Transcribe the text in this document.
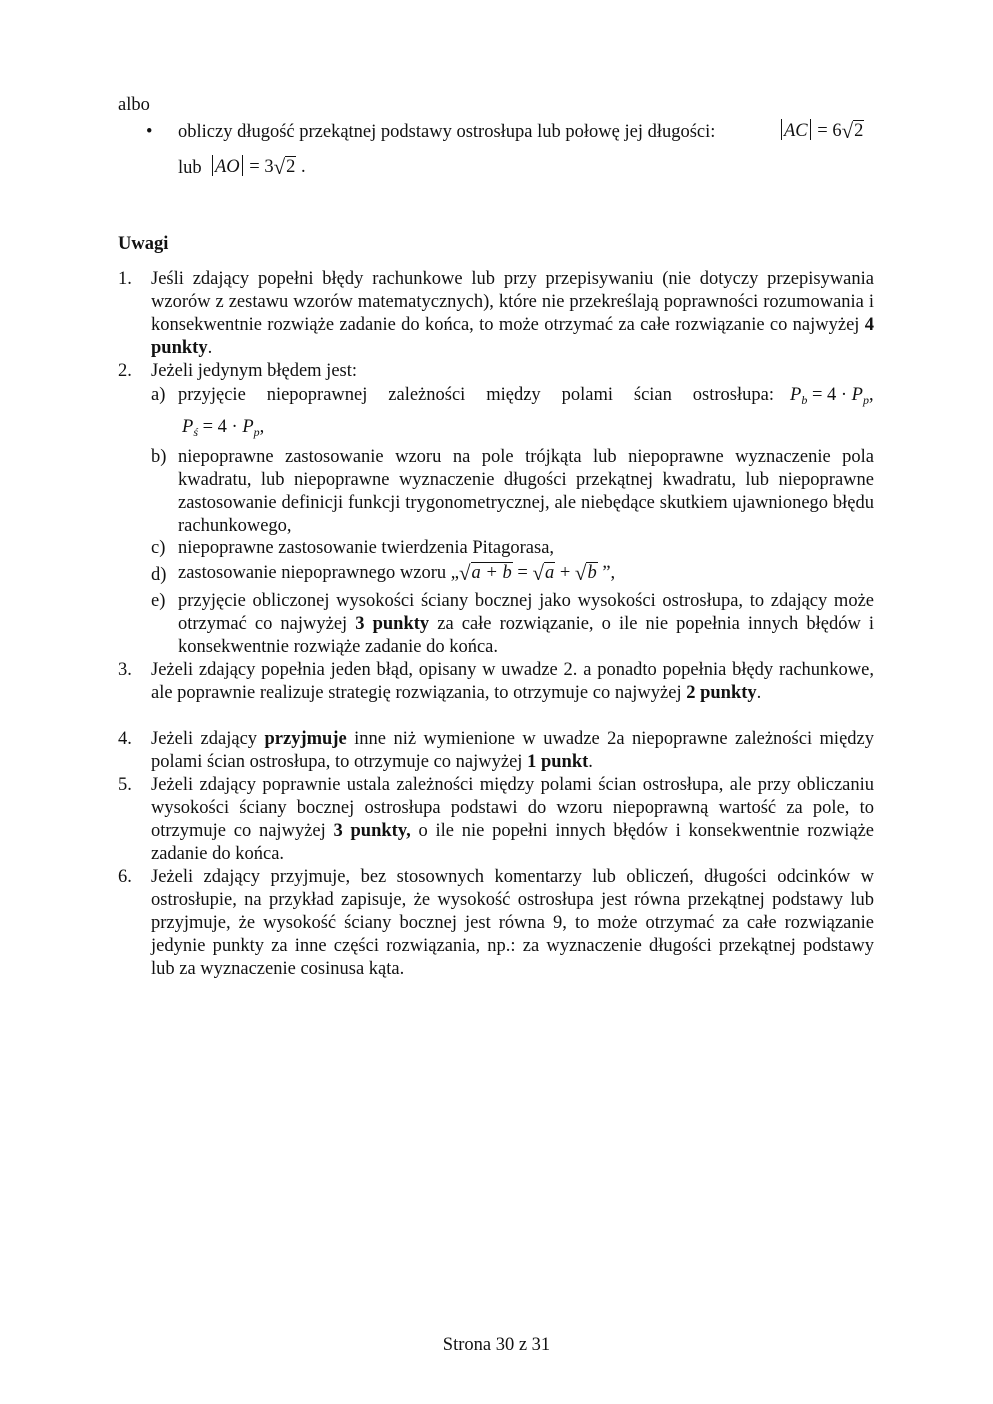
albo
• obliczy długość przekątnej podstawy ostrosłupa lub połowę jej długości:	AC = 6√2
lub AO = 3√2 .
Uwagi
1.	Jeśli zdający popełni błędy rachunkowe lub przy przepisywaniu (nie dotyczy przepisywania wzorów z zestawu wzorów matematycznych), które nie przekreślają poprawności rozumowania i konsekwentnie rozwiąże zadanie do końca, to może otrzymać za całe rozwiązanie co najwyżej 4 punkty.
2.	Jeżeli jedynym błędem jest:
a) przyjęcie niepoprawnej zależności między polami ścian ostrosłupa: $P_b = 4 \cdot P_p$,
$P_ś = 4 \cdot P_p$,
b) niepoprawne zastosowanie wzoru na pole trójkąta lub niepoprawne wyznaczenie pola kwadratu, lub niepoprawne wyznaczenie długości przekątnej kwadratu, lub niepoprawne zastosowanie definicji funkcji trygonometrycznej, ale niebędące skutkiem ujawnionego błędu rachunkowego,
c) niepoprawne zastosowanie twierdzenia Pitagorasa,
d) zastosowanie niepoprawnego wzoru „√a + b = √a + √b ”,
e) przyjęcie obliczonej wysokości ściany bocznej jako wysokości ostrosłupa, to zdający może otrzymać co najwyżej 3 punkty za całe rozwiązanie, o ile nie popełnia innych błędów i konsekwentnie rozwiąże zadanie do końca.
3.	Jeżeli zdający popełnia jeden błąd, opisany w uwadze 2. a ponadto popełnia błędy rachunkowe, ale poprawnie realizuje strategię rozwiązania, to otrzymuje co najwyżej 2 punkty.
4.	Jeżeli zdający przyjmuje inne niż wymienione w uwadze 2a niepoprawne zależności między polami ścian ostrosłupa, to otrzymuje co najwyżej 1 punkt.
5.	Jeżeli zdający poprawnie ustala zależności między polami ścian ostrosłupa, ale przy obliczaniu wysokości ściany bocznej ostrosłupa podstawi do wzoru niepoprawną wartość za pole, to otrzymuje co najwyżej 3 punkty, o ile nie popełni innych błędów i konsekwentnie rozwiąże zadanie do końca.
6.	Jeżeli zdający przyjmuje, bez stosownych komentarzy lub obliczeń, długości odcinków w ostrosłupie, na przykład zapisuje, że wysokość ostrosłupa jest równa przekątnej podstawy lub przyjmuje, że wysokość ściany bocznej jest równa 9, to może otrzymać za całe rozwiązanie jedynie punkty za inne części rozwiązania, np.: za wyznaczenie długości przekątnej podstawy lub za wyznaczenie cosinusa kąta.
Strona 30 z 31
